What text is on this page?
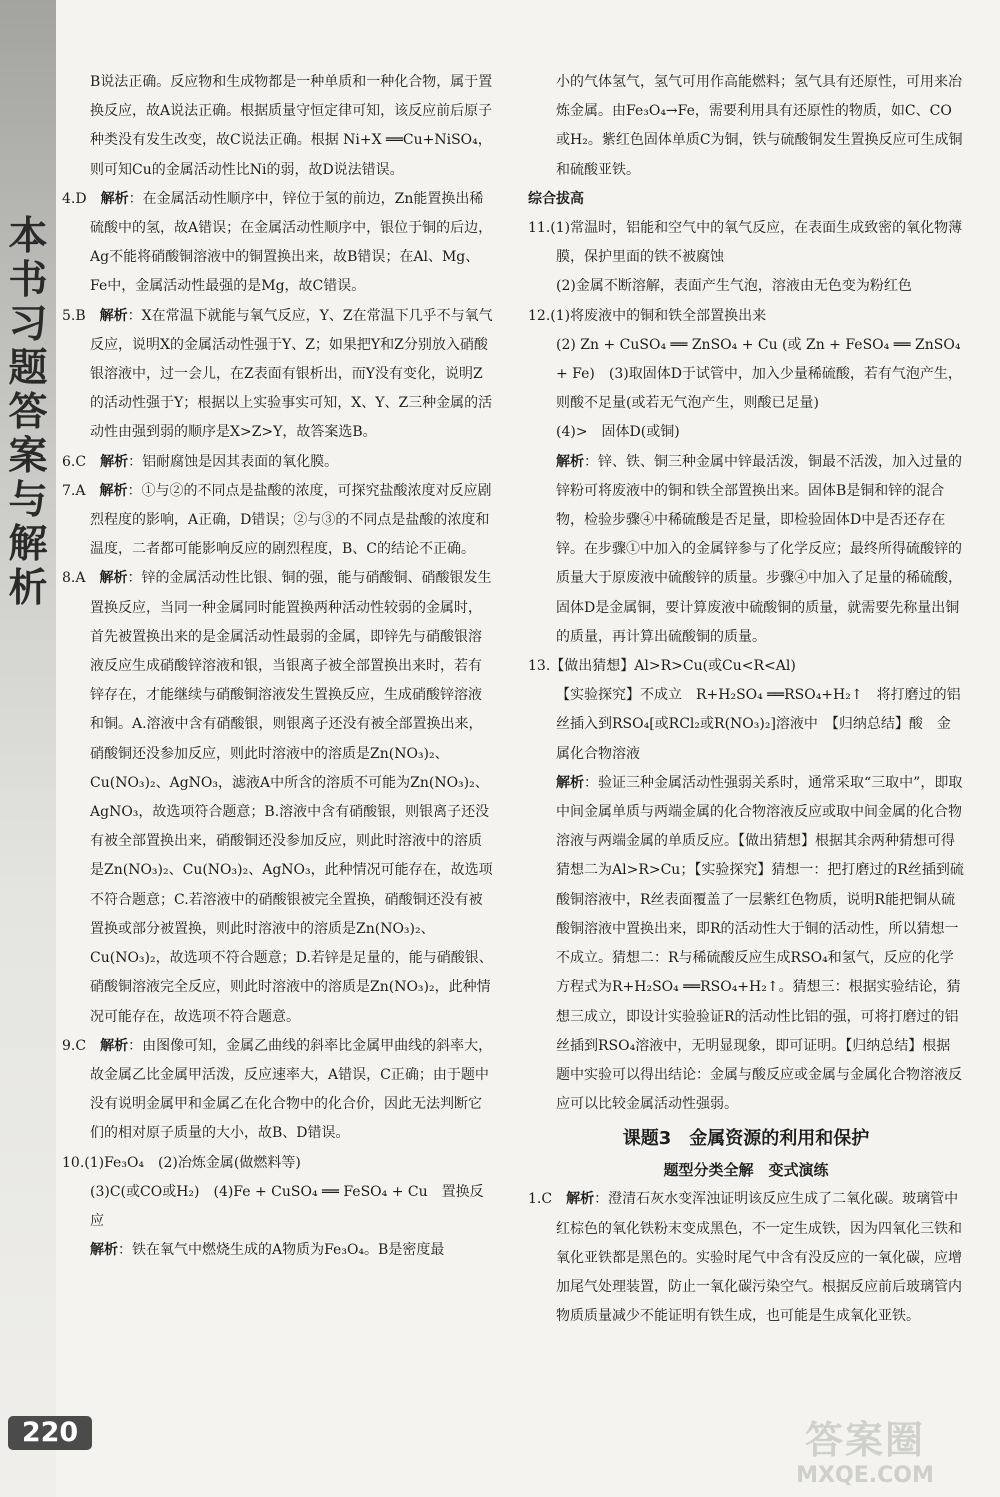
本书习题答案与解析
220

B说法正确。反应物和生成物都是一种单质和一种化合物，属于置换反应，故A说法正确。根据质量守恒定律可知，该反应前后原子种类没有发生改变，故C说法正确。根据 Ni+X ══Cu+NiSO₄，则可知Cu的金属活动性比Ni的弱，故D说法错误。

4.D　 解析：在金属活动性顺序中，锌位于氢的前边，Zn能置换出稀硫酸中的氢，故A错误；在金属活动性顺序中，银位于铜的后边，Ag不能将硝酸铜溶液中的铜置换出来，故B错误；在Al、Mg、Fe中，金属活动性最强的是Mg，故C错误。

5.B　 解析：X在常温下就能与氧气反应，Y、Z在常温下几乎不与氧气反应，说明X的金属活动性强于Y、Z；如果把Y和Z分别放入硝酸银溶液中，过一会儿，在Z表面有银析出，而Y没有变化，说明Z的活动性强于Y；根据以上实验事实可知，X、Y、Z三种金属的活动性由强到弱的顺序是X>Z>Y，故答案选B。

6.C　 解析：铝耐腐蚀是因其表面的氧化膜。

7.A　 解析：①与②的不同点是盐酸的浓度，可探究盐酸浓度对反应剧烈程度的影响，A正确，D错误；②与③的不同点是盐酸的浓度和温度，二者都可能影响反应的剧烈程度，B、C的结论不正确。

8.A　 解析：锌的金属活动性比银、铜的强，能与硝酸铜、硝酸银发生置换反应，当同一种金属同时能置换两种活动性较弱的金属时，首先被置换出来的是金属活动性最弱的金属，即锌先与硝酸银溶液反应生成硝酸锌溶液和银，当银离子被全部置换出来时，若有锌存在，才能继续与硝酸铜溶液发生置换反应，生成硝酸锌溶液和铜。A.溶液中含有硝酸银，则银离子还没有被全部置换出来，硝酸铜还没参加反应，则此时溶液中的溶质是Zn(NO₃)₂、Cu(NO₃)₂、AgNO₃，滤液A中所含的溶质不可能为Zn(NO₃)₂、AgNO₃，故选项符合题意；B.溶液中含有硝酸银，则银离子还没有被全部置换出来，硝酸铜还没参加反应，则此时溶液中的溶质是Zn(NO₃)₂、Cu(NO₃)₂、AgNO₃，此种情况可能存在，故选项不符合题意；C.若溶液中的硝酸银被完全置换，硝酸铜还没有被置换或部分被置换，则此时溶液中的溶质是Zn(NO₃)₂、Cu(NO₃)₂，故选项不符合题意；D.若锌是足量的，能与硝酸银、硝酸铜溶液完全反应，则此时溶液中的溶质是Zn(NO₃)₂，此种情况可能存在，故选项不符合题意。

9.C　 解析：由图像可知，金属乙曲线的斜率比金属甲曲线的斜率大，故金属乙比金属甲活泼，反应速率大，A错误，C正确；由于题中没有说明金属甲和金属乙在化合物中的化合价，因此无法判断它们的相对原子质量的大小，故B、D错误。

10.(1)Fe₃O₄　(2)冶炼金属(做燃料等)

(3)C(或CO或H₂)　(4)Fe + CuSO₄ ══ FeSO₄ + Cu　置换反应

解析：铁在氧气中燃烧生成的A物质为Fe₃O₄。B是密度最

小的气体氢气，氢气可用作高能燃料；氢气具有还原性，可用来冶炼金属。由Fe₃O₄→Fe，需要利用具有还原性的物质，如C、CO或H₂。紫红色固体单质C为铜，铁与硫酸铜发生置换反应可生成铜和硫酸亚铁。

综合拔高

11.(1)常温时，铝能和空气中的氧气反应，在表面生成致密的氧化物薄膜，保护里面的铁不被腐蚀

(2)金属不断溶解，表面产生气泡，溶液由无色变为粉红色

12.(1)将废液中的铜和铁全部置换出来

(2) Zn + CuSO₄ ══ ZnSO₄ + Cu (或 Zn + FeSO₄ ══ ZnSO₄ + Fe)　(3)取固体D于试管中，加入少量稀硫酸，若有气泡产生，则酸不足量(或若无气泡产生，则酸已足量)

(4)>　固体D(或铜)

解析：锌、铁、铜三种金属中锌最活泼，铜最不活泼，加入过量的锌粉可将废液中的铜和铁全部置换出来。固体B是铜和锌的混合物，检验步骤④中稀硫酸是否足量，即检验固体D中是否还存在锌。在步骤①中加入的金属锌参与了化学反应；最终所得硫酸锌的质量大于原废液中硫酸锌的质量。步骤④中加入了足量的稀硫酸，固体D是金属铜，要计算废液中硫酸铜的质量，就需要先称量出铜的质量，再计算出硫酸铜的质量。

13.【做出猜想】Al>R>Cu(或Cu<R<Al)

【实验探究】不成立　R+H₂SO₄ ══RSO₄+H₂↑　将打磨过的铝丝插入到RSO₄[或RCl₂或R(NO₃)₂]溶液中　【归纳总结】酸　金属化合物溶液

解析：验证三种金属活动性强弱关系时，通常采取“三取中”，即取中间金属单质与两端金属的化合物溶液反应或取中间金属的化合物溶液与两端金属的单质反应。【做出猜想】根据其余两种猜想可得猜想二为Al>R>Cu；【实验探究】猜想一：把打磨过的R丝插到硫酸铜溶液中，R丝表面覆盖了一层紫红色物质，说明R能把铜从硫酸铜溶液中置换出来，即R的活动性大于铜的活动性，所以猜想一不成立。猜想二：R与稀硫酸反应生成RSO₄和氢气，反应的化学方程式为R+H₂SO₄ ══RSO₄+H₂↑。猜想三：根据实验结论，猜想三成立，即设计实验验证R的活动性比铝的强，可将打磨过的铝丝插到RSO₄溶液中，无明显现象，即可证明。【归纳总结】根据题中实验可以得出结论：金属与酸反应或金属与金属化合物溶液反应可以比较金属活动性强弱。

课题3　金属资源的利用和保护

题型分类全解　变式演练

1.C　 解析：澄清石灰水变浑浊证明该反应生成了二氧化碳。玻璃管中红棕色的氧化铁粉末变成黑色，不一定生成铁，因为四氧化三铁和氧化亚铁都是黑色的。实验时尾气中含有没反应的一氧化碳，应增加尾气处理装置，防止一氧化碳污染空气。根据反应前后玻璃管内物质质量减少不能证明有铁生成，也可能是生成氧化亚铁。

答案圈
MXQE.COM
